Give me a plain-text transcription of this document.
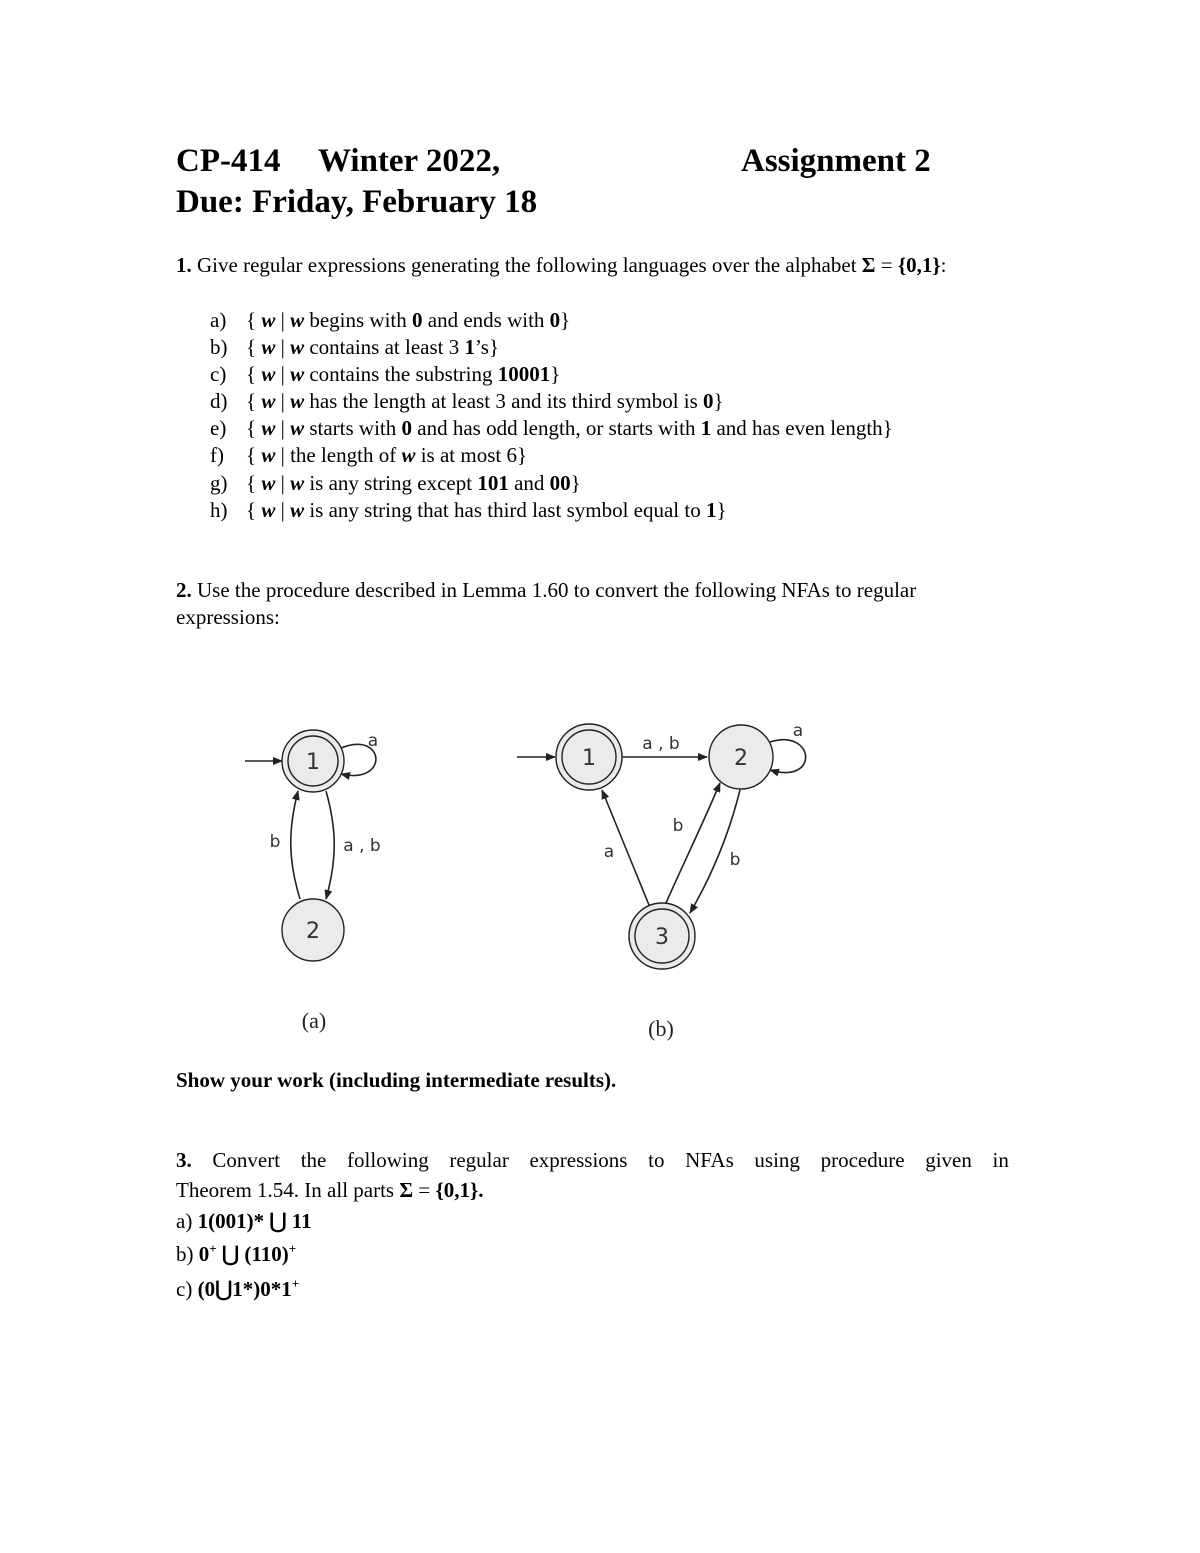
CP-414 Winter 2022,	Assignment 2
Due: Friday, February 18
1. Give regular expressions generating the following languages over the alphabet Σ = {0,1}:
a) { w | w begins with 0 and ends with 0}
b) { w | w contains at least 3 1’s}
c) { w | w contains the substring 10001}
d) { w | w has the length at least 3 and its third symbol is 0}
e) { w | w starts with 0 and has odd length, or starts with 1 and has even length}
f) { w | the length of w is at most 6}
g) { w | w is any string except 101 and 00}
h) { w | w is any string that has third last symbol equal to 1}
2. Use the procedure described in Lemma 1.60 to convert the following NFAs to regular
expressions:
1
a
2
a , b
b
(a)
1	2
3
a , b
a
b
b
a
(b)
Show your work (including intermediate results).
3. Convert the following regular expressions to NFAs using procedure given in
Theorem 1.54. In all parts Σ = {0,1}.
a) 1(001)* ⋃ 11
b) 0+ ⋃ (110)+
c) (0⋃1*)0*1+
